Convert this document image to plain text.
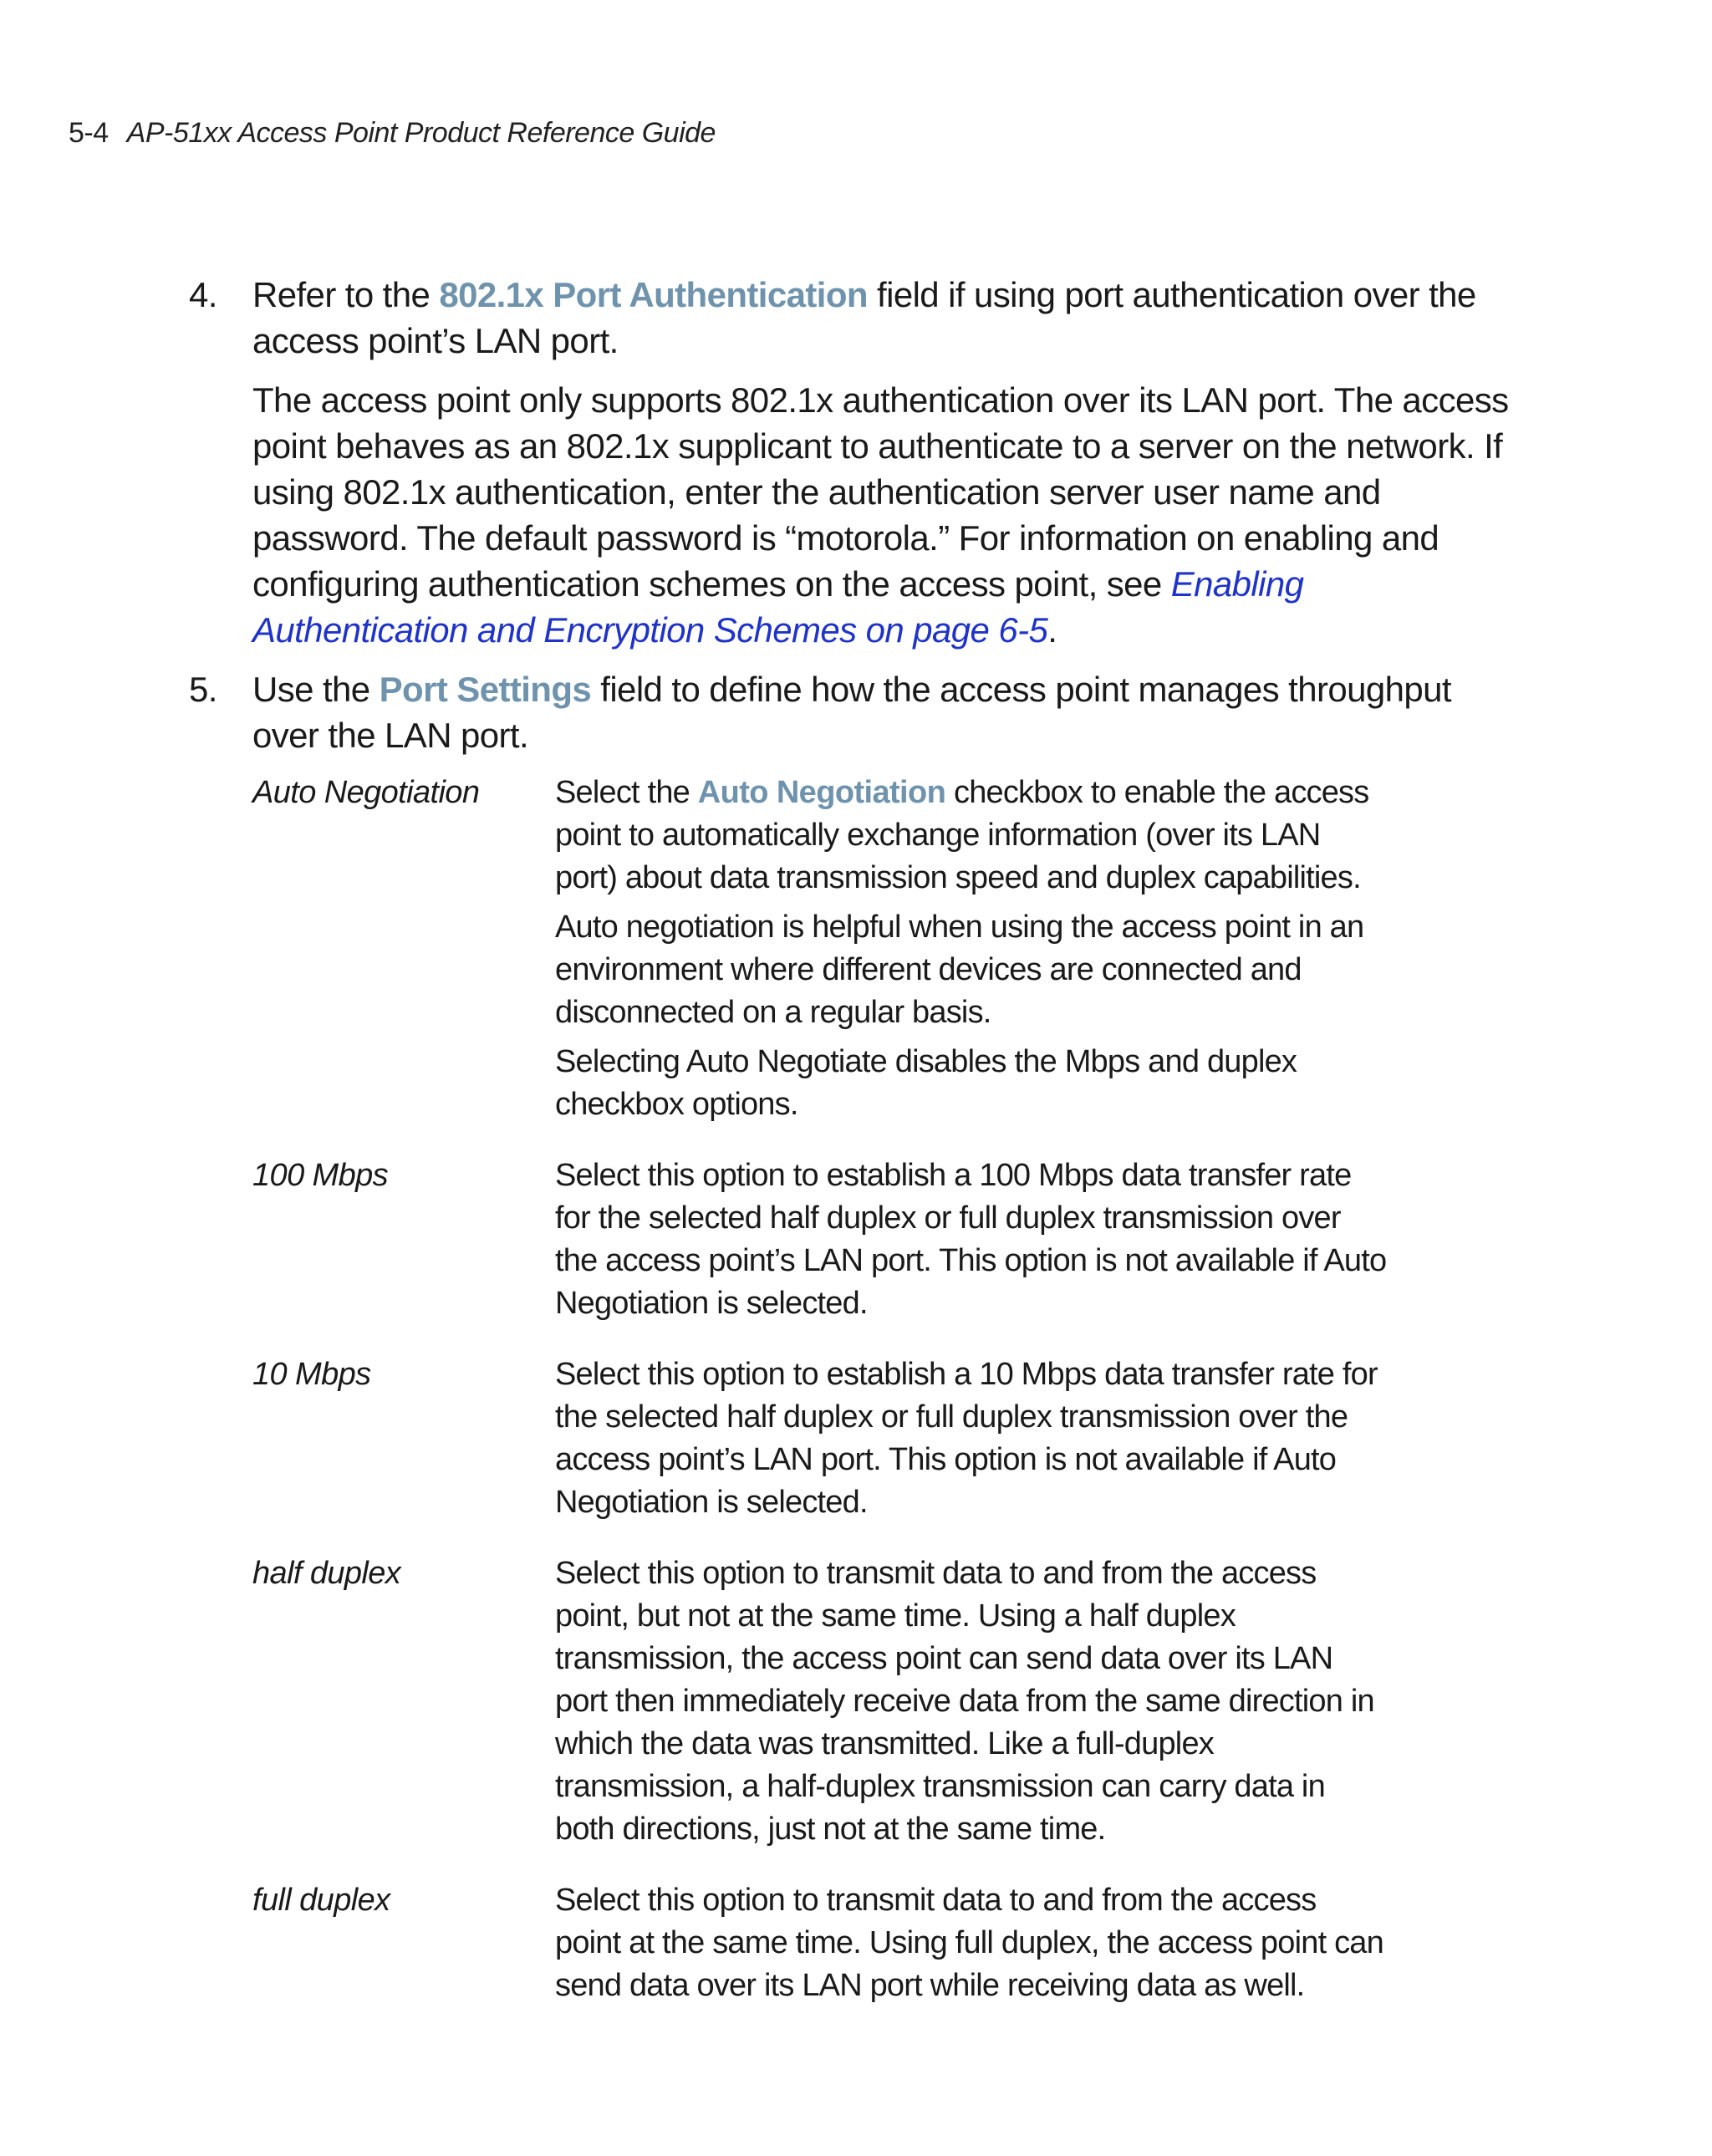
5-4 AP-51xx Access Point Product Reference Guide
4. Refer to the 802.1x Port Authentication field if using port authentication over the access point’s LAN port.

The access point only supports 802.1x authentication over its LAN port. The access point behaves as an 802.1x supplicant to authenticate to a server on the network. If using 802.1x authentication, enter the authentication server user name and password. The default password is “motorola.” For information on enabling and configuring authentication schemes on the access point, see Enabling Authentication and Encryption Schemes on page 6-5.

5. Use the Port Settings field to define how the access point manages throughput over the LAN port.

Auto Negotiation	Select the Auto Negotiation checkbox to enable the access point to automatically exchange information (over its LAN port) about data transmission speed and duplex capabilities.

Auto negotiation is helpful when using the access point in an environment where different devices are connected and disconnected on a regular basis.

Selecting Auto Negotiate disables the Mbps and duplex checkbox options.

100 Mbps	Select this option to establish a 100 Mbps data transfer rate for the selected half duplex or full duplex transmission over the access point’s LAN port. This option is not available if Auto Negotiation is selected.

10 Mbps	Select this option to establish a 10 Mbps data transfer rate for the selected half duplex or full duplex transmission over the access point’s LAN port. This option is not available if Auto Negotiation is selected.

half duplex	Select this option to transmit data to and from the access point, but not at the same time. Using a half duplex transmission, the access point can send data over its LAN port then immediately receive data from the same direction in which the data was transmitted. Like a full-duplex transmission, a half-duplex transmission can carry data in both directions, just not at the same time.

full duplex	Select this option to transmit data to and from the access point at the same time. Using full duplex, the access point can send data over its LAN port while receiving data as well.
